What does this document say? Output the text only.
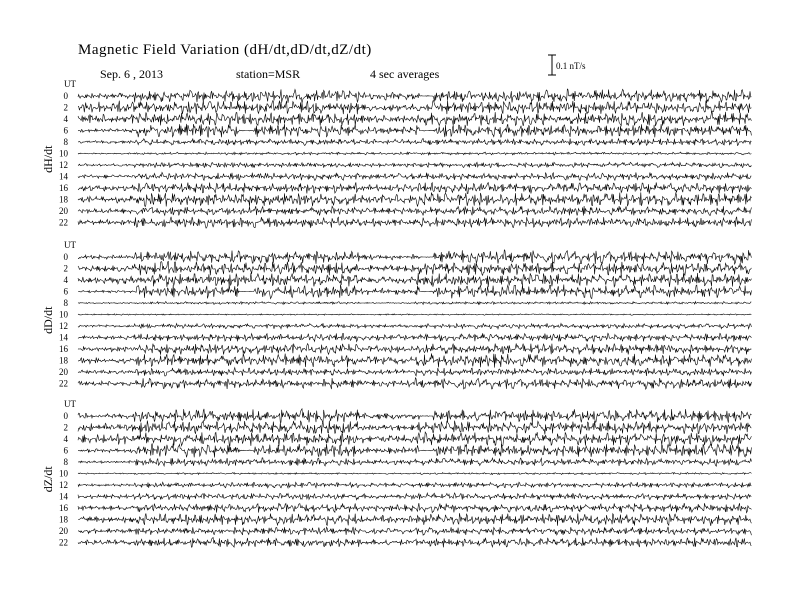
Magnetic Field Variation (dH/dt,dD/dt,dZ/dt)
Sep. 6 , 2013	station=MSR	4 sec averages
0.1 nT/s
UT
dH/dt
0
2
4
6
8
10
12
14
16
18
20
22
UT
dD/dt
0
2
4
6
8
10
12
14
16
18
20
22
UT
dZ/dt
0
2
4
6
8
10
12
14
16
18
20
22
